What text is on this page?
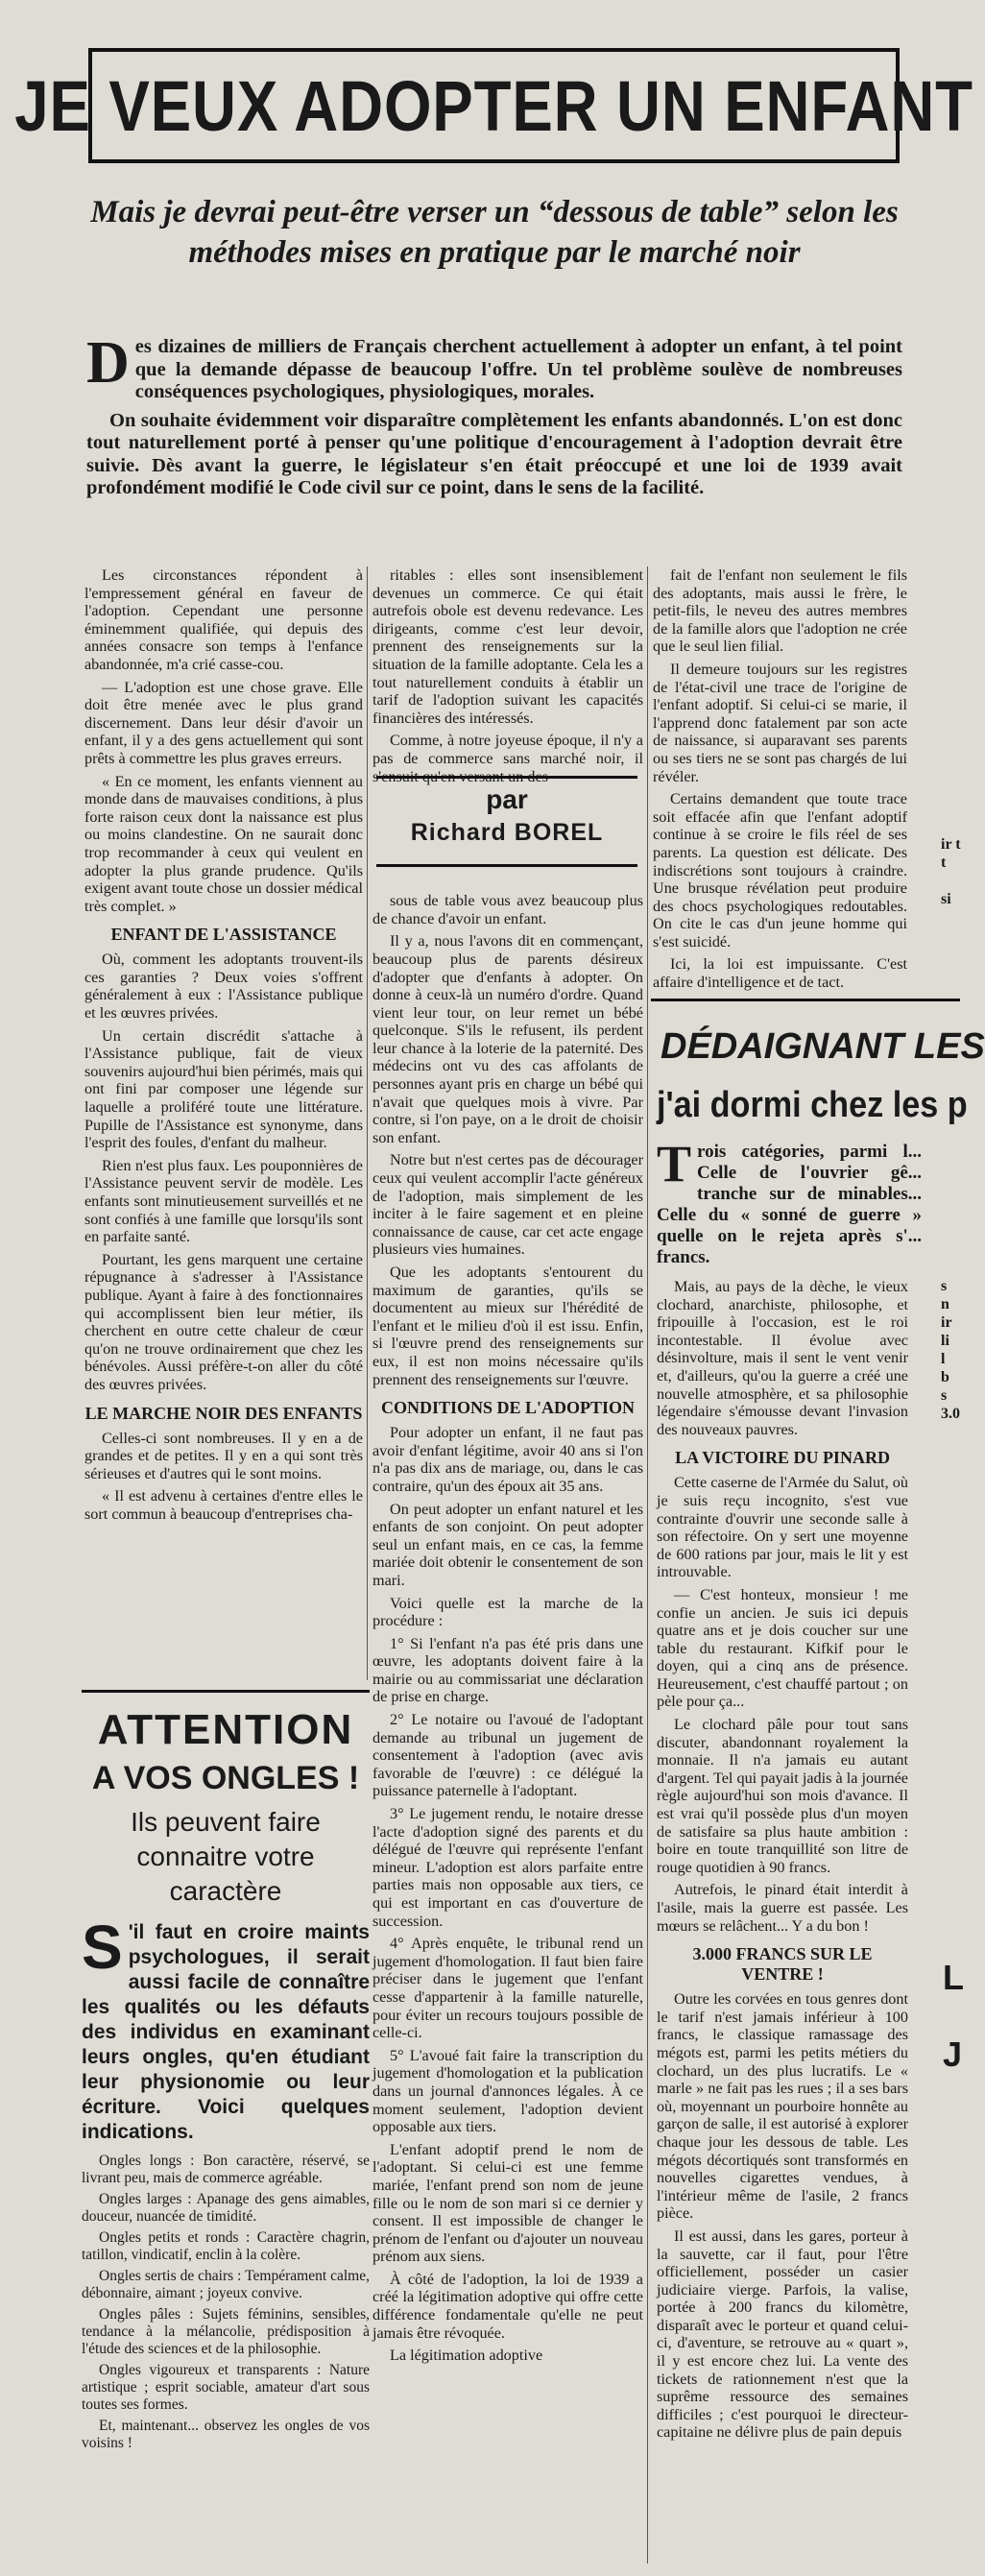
JE VEUX ADOPTER UN ENFANT
Mais je devrai peut-être verser un “dessous de table” selon les méthodes mises en pratique par le marché noir

Des dizaines de milliers de Français cherchent actuellement à adopter un enfant, à tel point que la demande dépasse de beaucoup l'offre. Un tel problème soulève de nombreuses conséquences psychologiques, physiologiques, morales.

On souhaite évidemment voir disparaître complètement les enfants abandonnés. L'on est donc tout naturellement porté à penser qu'une politique d'encouragement à l'adoption devrait être suivie. Dès avant la guerre, le législateur s'en était préoccupé et une loi de 1939 avait profondément modifié le Code civil sur ce point, dans le sens de la facilité.

Les circonstances répondent à l'empressement général en faveur de l'adoption. Cependant une personne éminemment qualifiée, qui depuis des années consacre son temps à l'enfance abandonnée, m'a crié casse-cou.

— L'adoption est une chose grave. Elle doit être menée avec le plus grand discernement. Dans leur désir d'avoir un enfant, il y a des gens actuellement qui sont prêts à commettre les plus graves erreurs.

« En ce moment, les enfants viennent au monde dans de mauvaises conditions, à plus forte raison ceux dont la naissance est plus ou moins clandestine. On ne saurait donc trop recommander à ceux qui veulent en adopter la plus grande prudence. Qu'ils exigent avant toute chose un dossier médical très complet. »

ENFANT DE L'ASSISTANCE

Où, comment les adoptants trouvent-ils ces garanties ? Deux voies s'offrent généralement à eux : l'Assistance publique et les œuvres privées.

Un certain discrédit s'attache à l'Assistance publique, fait de vieux souvenirs aujourd'hui bien périmés, mais qui ont fini par composer une légende sur laquelle a proliféré toute une littérature. Pupille de l'Assistance est synonyme, dans l'esprit des foules, d'enfant du malheur.

Rien n'est plus faux. Les pouponnières de l'Assistance peuvent servir de modèle. Les enfants sont minutieusement surveillés et ne sont confiés à une famille que lorsqu'ils sont en parfaite santé.

Pourtant, les gens marquent une certaine répugnance à s'adresser à l'Assistance publique. Ayant à faire à des fonctionnaires qui accomplissent bien leur métier, ils cherchent en outre cette chaleur de cœur qu'on ne trouve ordinairement que chez les bénévoles. Aussi préfère-t-on aller du côté des œuvres privées.

LE MARCHE NOIR DES ENFANTS

Celles-ci sont nombreuses. Il y en a de grandes et de petites. Il y en a qui sont très sérieuses et d'autres qui le sont moins.

« Il est advenu à certaines d'entre elles le sort commun à beaucoup d'entreprises cha-

ritables : elles sont insensiblement devenues un commerce. Ce qui était autrefois obole est devenu redevance. Les dirigeants, comme c'est leur devoir, prennent des renseignements sur la situation de la famille adoptante. Cela les a tout naturellement conduits à établir un tarif de l'adoption suivant les capacités financières des intéressés.

Comme, à notre joyeuse époque, il n'y a pas de commerce sans marché noir, il s'ensuit qu'en versant un des-

sous de table vous avez beaucoup plus de chance d'avoir un enfant.

Il y a, nous l'avons dit en commençant, beaucoup plus de parents désireux d'adopter que d'enfants à adopter. On donne à ceux-là un numéro d'ordre. Quand vient leur tour, on leur remet un bébé quelconque. S'ils le refusent, ils perdent leur chance à la loterie de la paternité. Des médecins ont vu des cas affolants de personnes ayant pris en charge un bébé qui n'avait que quelques mois à vivre. Par contre, si l'on paye, on a le droit de choisir son enfant.

Notre but n'est certes pas de décourager ceux qui veulent accomplir l'acte généreux de l'adoption, mais simplement de les inciter à le faire sagement et en pleine connaissance de cause, car cet acte engage plusieurs vies humaines.

Que les adoptants s'entourent du maximum de garanties, qu'ils se documentent au mieux sur l'hérédité de l'enfant et le milieu d'où il est issu. Enfin, si l'œuvre prend des renseignements sur eux, il est non moins nécessaire qu'ils prennent des renseignements sur l'œuvre.

CONDITIONS DE L'ADOPTION

Pour adopter un enfant, il ne faut pas avoir d'enfant légitime, avoir 40 ans si l'on n'a pas dix ans de mariage, ou, dans le cas contraire, qu'un des époux ait 35 ans.

On peut adopter un enfant naturel et les enfants de son conjoint. On peut adopter seul un enfant mais, en ce cas, la femme mariée doit obtenir le consentement de son mari.

Voici quelle est la marche de la procédure :

1° Si l'enfant n'a pas été pris dans une œuvre, les adoptants doivent faire à la mairie ou au commissariat une déclaration de prise en charge.

2° Le notaire ou l'avoué de l'adoptant demande au tribunal un jugement de consentement à l'adoption (avec avis favorable de l'œuvre) : ce délégué la puissance paternelle à l'adoptant.

3° Le jugement rendu, le notaire dresse l'acte d'adoption signé des parents et du délégué de l'œuvre qui représente l'enfant mineur. L'adoption est alors parfaite entre parties mais non opposable aux tiers, ce qui est important en cas d'ouverture de succession.

4° Après enquête, le tribunal rend un jugement d'homologation. Il faut bien faire préciser dans le jugement que l'enfant cesse d'appartenir à la famille naturelle, pour éviter un recours toujours possible de celle-ci.

5° L'avoué fait faire la transcription du jugement d'homologation et la publication dans un journal d'annonces légales. À ce moment seulement, l'adoption devient opposable aux tiers.

L'enfant adoptif prend le nom de l'adoptant. Si celui-ci est une femme mariée, l'enfant prend son nom de jeune fille ou le nom de son mari si ce dernier y consent. Il est impossible de changer le prénom de l'enfant ou d'ajouter un nouveau prénom aux siens.

À côté de l'adoption, la loi de 1939 a créé la légitimation adoptive qui offre cette différence fondamentale qu'elle ne peut jamais être révoquée.

La légitimation adoptive

par
Richard BOREL

fait de l'enfant non seulement le fils des adoptants, mais aussi le frère, le petit-fils, le neveu des autres membres de la famille alors que l'adoption ne crée que le seul lien filial.

Il demeure toujours sur les registres de l'état-civil une trace de l'origine de l'enfant adoptif. Si celui-ci se marie, il l'apprend donc fatalement par son acte de naissance, si auparavant ses parents ou ses tiers ne se sont pas chargés de lui révéler.

Certains demandent que toute trace soit effacée afin que l'enfant adoptif continue à se croire le fils réel de ses parents. La question est délicate. Des indiscrétions sont toujours à craindre. Une brusque révélation peut produire des chocs psychologiques redoutables. On cite le cas d'un jeune homme qui s'est suicidé.

Ici, la loi est impuissante. C'est affaire d'intelligence et de tact.

ATTENTION
A VOS ONGLES !
Ils peuvent faire connaitre votre caractère
S 'il faut en croire maints psychologues, il serait aussi facile de connaître les qualités ou les défauts des individus en examinant leurs ongles, qu'en étudiant leur physionomie ou leur écriture. Voici quelques indications.

Ongles longs : Bon caractère, réservé, se livrant peu, mais de commerce agréable.

Ongles larges : Apanage des gens aimables, douceur, nuancée de timidité.

Ongles petits et ronds : Caractère chagrin, tatillon, vindicatif, enclin à la colère.

Ongles sertis de chairs : Tempérament calme, débonnaire, aimant ; joyeux convive.

Ongles pâles : Sujets féminins, sensibles, tendance à la mélancolie, prédisposition à l'étude des sciences et de la philosophie.

Ongles vigoureux et transparents : Nature artistique ; esprit sociable, amateur d'art sous toutes ses formes.

Et, maintenant... observez les ongles de vos voisins !

DÉDAIGNANT LES
j'ai dormi chez les p
Trois catégories, parmi l... Celle de l'ouvrier gê... tranche sur de minables... Celle du « sonné de guerre » quelle on le rejeta après s'... francs.

Mais, au pays de la dèche, le vieux clochard, anarchiste, philosophe, et fripouille à l'occasion, est le roi incontestable. Il évolue avec désinvolture, mais il sent le vent venir et, d'ailleurs, qu'ou la guerre a créé une nouvelle atmosphère, et sa philosophie légendaire s'émousse devant l'invasion des nouveaux pauvres.

LA VICTOIRE DU PINARD

Cette caserne de l'Armée du Salut, où je suis reçu incognito, s'est vue contrainte d'ouvrir une seconde salle à son réfectoire. On y sert une moyenne de 600 rations par jour, mais le lit y est introuvable.

— C'est honteux, monsieur ! me confie un ancien. Je suis ici depuis quatre ans et je dois coucher sur une table du restaurant. Kifkif pour le doyen, qui a cinq ans de présence. Heureusement, c'est chauffé partout ; on pèle pour ça...

Le clochard pâle pour tout sans discuter, abandonnant royalement la monnaie. Il n'a jamais eu autant d'argent. Tel qui payait jadis à la journée règle aujourd'hui son mois d'avance. Il est vrai qu'il possède plus d'un moyen de satisfaire sa plus haute ambition : boire en toute tranquillité son litre de rouge quotidien à 90 francs.

Autrefois, le pinard était interdit à l'asile, mais la guerre est passée. Les mœurs se relâchent... Y a du bon !

3.000 FRANCS SUR LE VENTRE !

Outre les corvées en tous genres dont le tarif n'est jamais inférieur à 100 francs, le classique ramassage des mégots est, parmi les petits métiers du clochard, un des plus lucratifs. Le « marle » ne fait pas les rues ; il a ses bars où, moyennant un pourboire honnête au garçon de salle, il est autorisé à explorer chaque jour les dessous de table. Les mégots décortiqués sont transformés en nouvelles cigarettes vendues, à l'intérieur même de l'asile, 2 francs pièce.

Il est aussi, dans les gares, porteur à la sauvette, car il faut, pour l'être officiellement, posséder un casier judiciaire vierge. Parfois, la valise, portée à 200 francs du kilomètre, disparaît avec le porteur et quand celui-ci, d'aventure, se retrouve au « quart », il y est encore chez lui. La vente des tickets de rationnement n'est que la suprême ressource des semaines difficiles ; c'est pourquoi le directeur-capitaine ne délivre plus de pain depuis

ir t
t

si
s
n
ir
li
l
b
s
3.0
L
J
